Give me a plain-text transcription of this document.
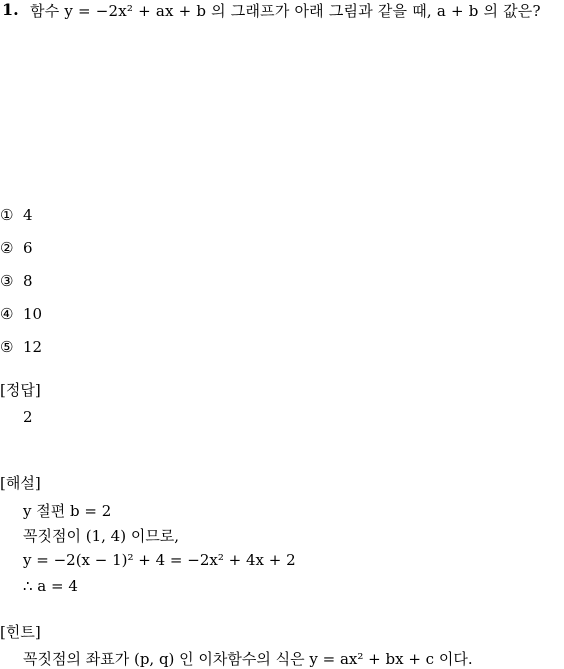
1. 함수 y = −2x² + ax + b 의 그래프가 아래 그림과 같을 때, a + b 의 값은?
① 4
② 6
③ 8
④ 10
⑤ 12
[정답]
2
[해설]
y 절편 b = 2
꼭짓점이 (1, 4) 이므로,
y = −2(x − 1)² + 4 = −2x² + 4x + 2
∴ a = 4
[힌트]
꼭짓점의 좌표가 (p, q) 인 이차함수의 식은 y = ax² + bx + c 이다.
